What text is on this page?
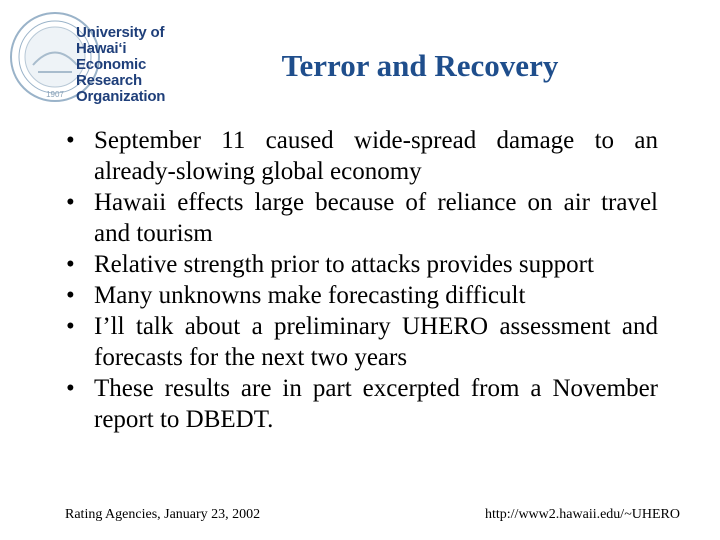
1907
University of
Hawai‘i
Economic
Research
Organization
Terror and Recovery
• September 11 caused wide-spread damage to an already-slowing global economy
• Hawaii effects large because of reliance on air travel and tourism
• Relative strength prior to attacks provides support
• Many unknowns make forecasting difficult
• I’ll talk about a preliminary UHERO assessment and forecasts for the next two years
• These results are in part excerpted from a November report to DBEDT.
Rating Agencies, January 23, 2002	http://www2.hawaii.edu/~UHERO
